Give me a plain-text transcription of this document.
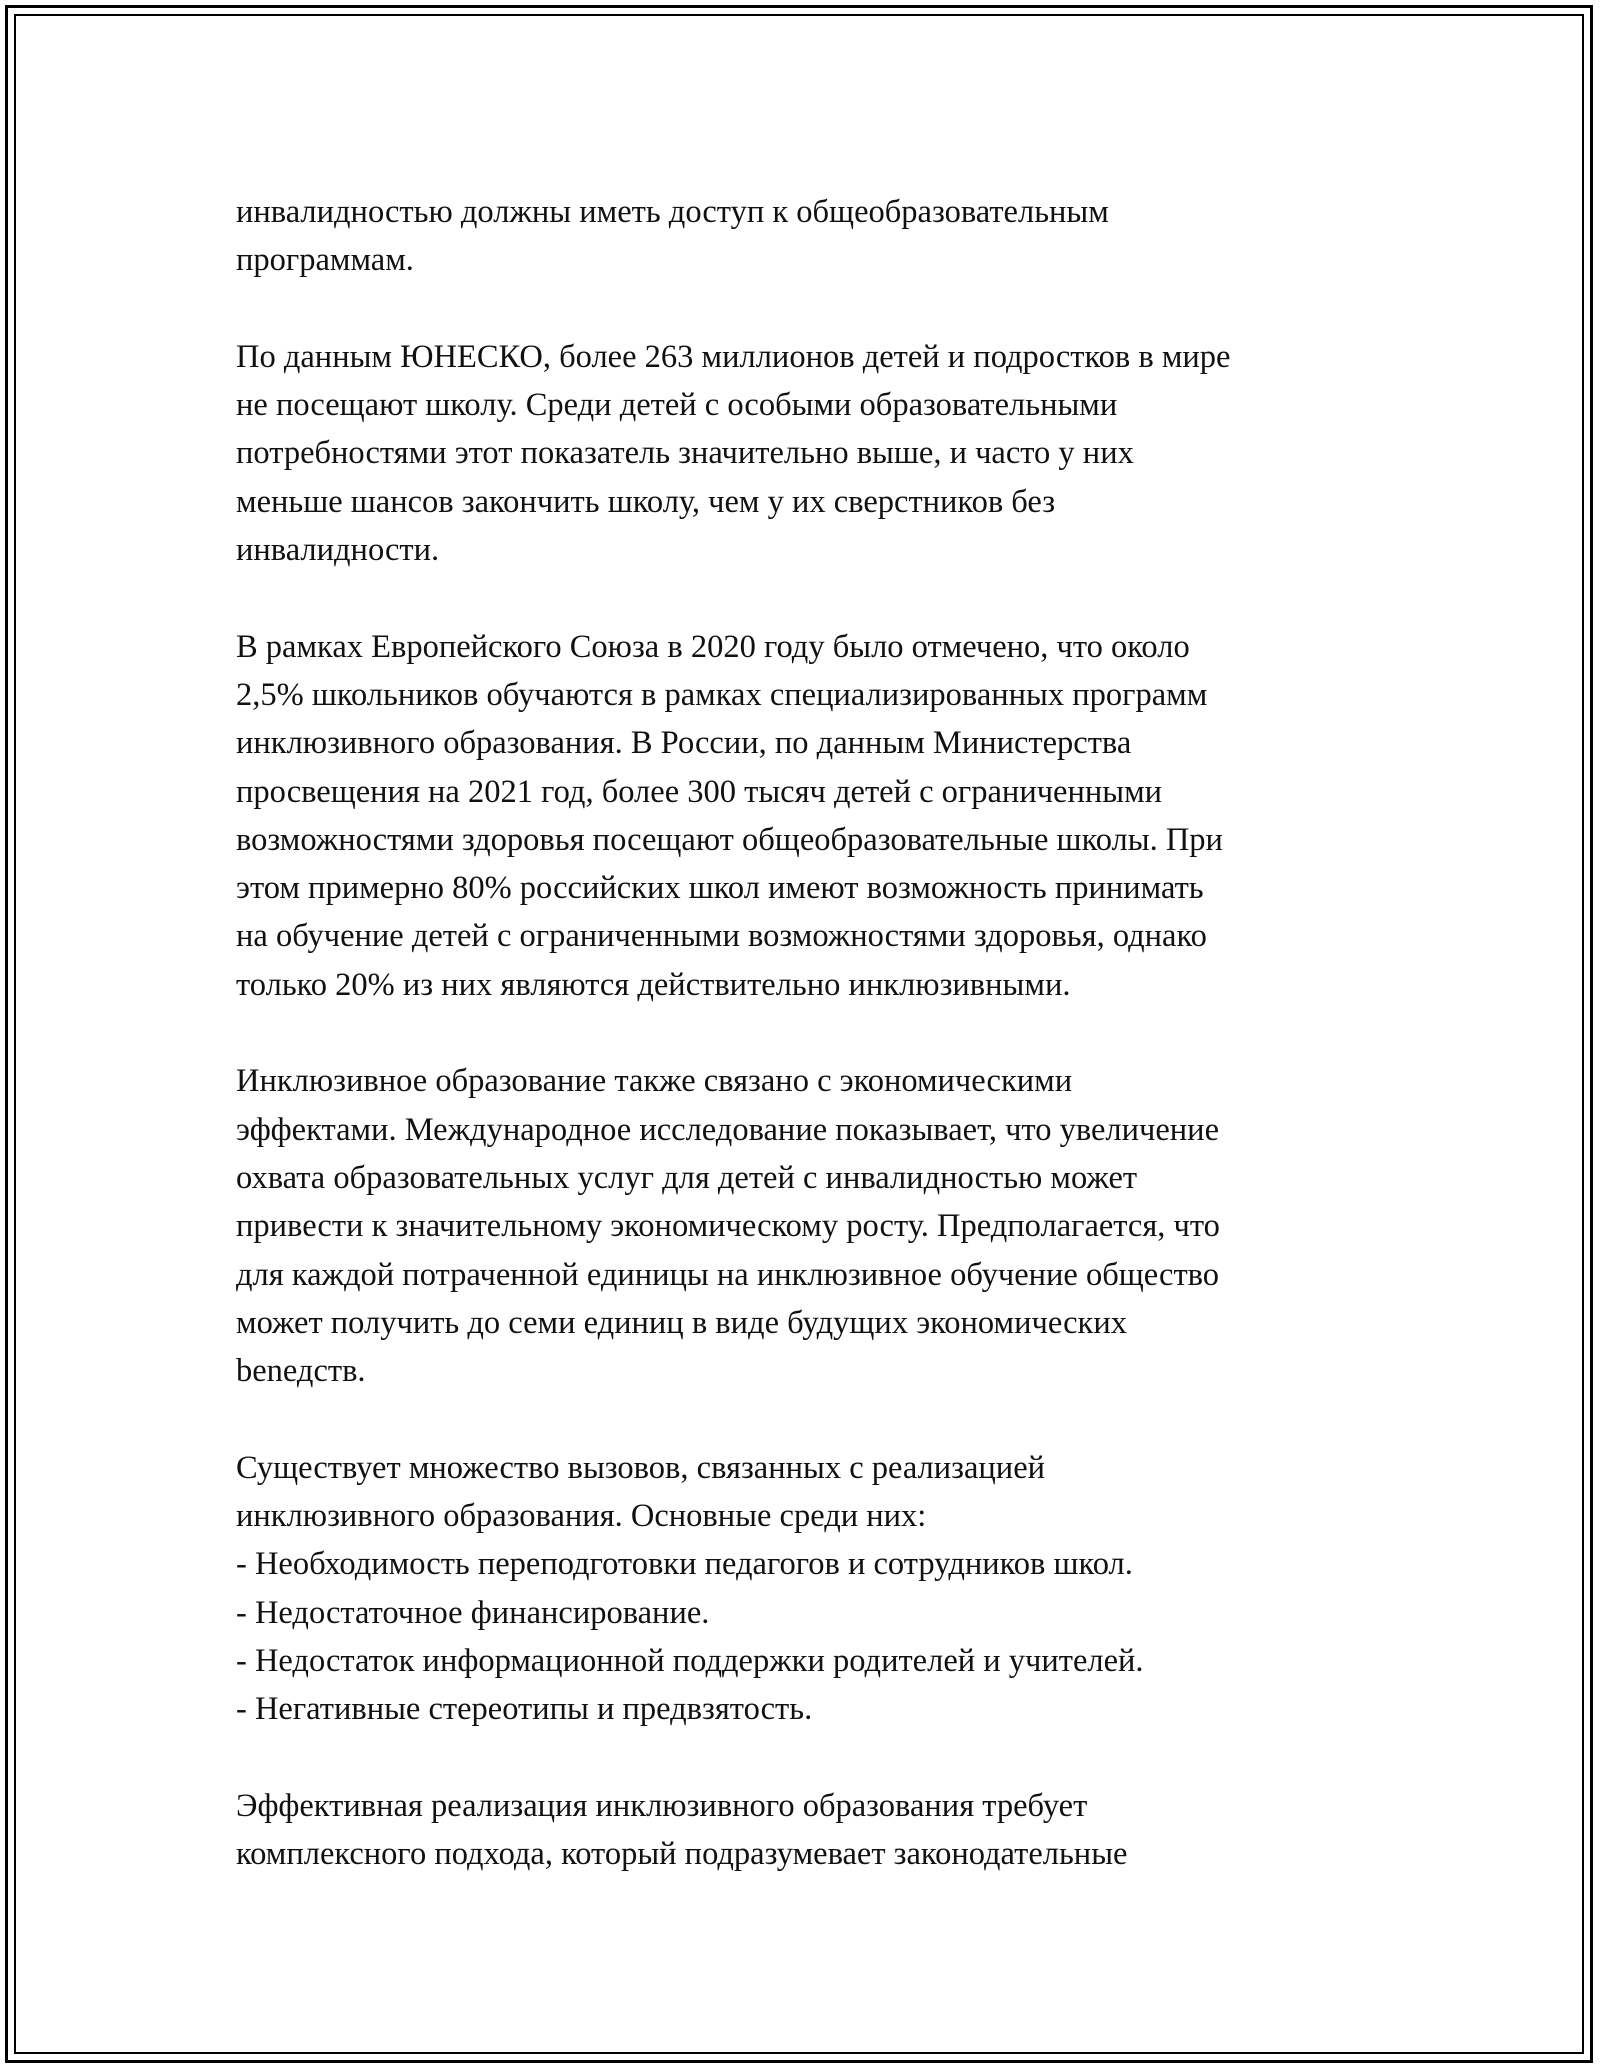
инвалидностью должны иметь доступ к общеобразовательным
программам.

По данным ЮНЕСКО, более 263 миллионов детей и подростков в мире
не посещают школу. Среди детей с особыми образовательными
потребностями этот показатель значительно выше, и часто у них
меньше шансов закончить школу, чем у их сверстников без
инвалидности.

В рамках Европейского Союза в 2020 году было отмечено, что около
2,5% школьников обучаются в рамках специализированных программ
инклюзивного образования. В России, по данным Министерства
просвещения на 2021 год, более 300 тысяч детей с ограниченными
возможностями здоровья посещают общеобразовательные школы. При
этом примерно 80% российских школ имеют возможность принимать
на обучение детей с ограниченными возможностями здоровья, однако
только 20% из них являются действительно инклюзивными.

Инклюзивное образование также связано с экономическими
эффектами. Международное исследование показывает, что увеличение
охвата образовательных услуг для детей с инвалидностью может
привести к значительному экономическому росту. Предполагается, что
для каждой потраченной единицы на инклюзивное обучение общество
может получить до семи единиц в виде будущих экономических
benедств.

Существует множество вызовов, связанных с реализацией
инклюзивного образования. Основные среди них:
- Необходимость переподготовки педагогов и сотрудников школ.
- Недостаточное финансирование.
- Недостаток информационной поддержки родителей и учителей.
- Негативные стереотипы и предвзятость.

Эффективная реализация инклюзивного образования требует
комплексного подхода, который подразумевает законодательные
